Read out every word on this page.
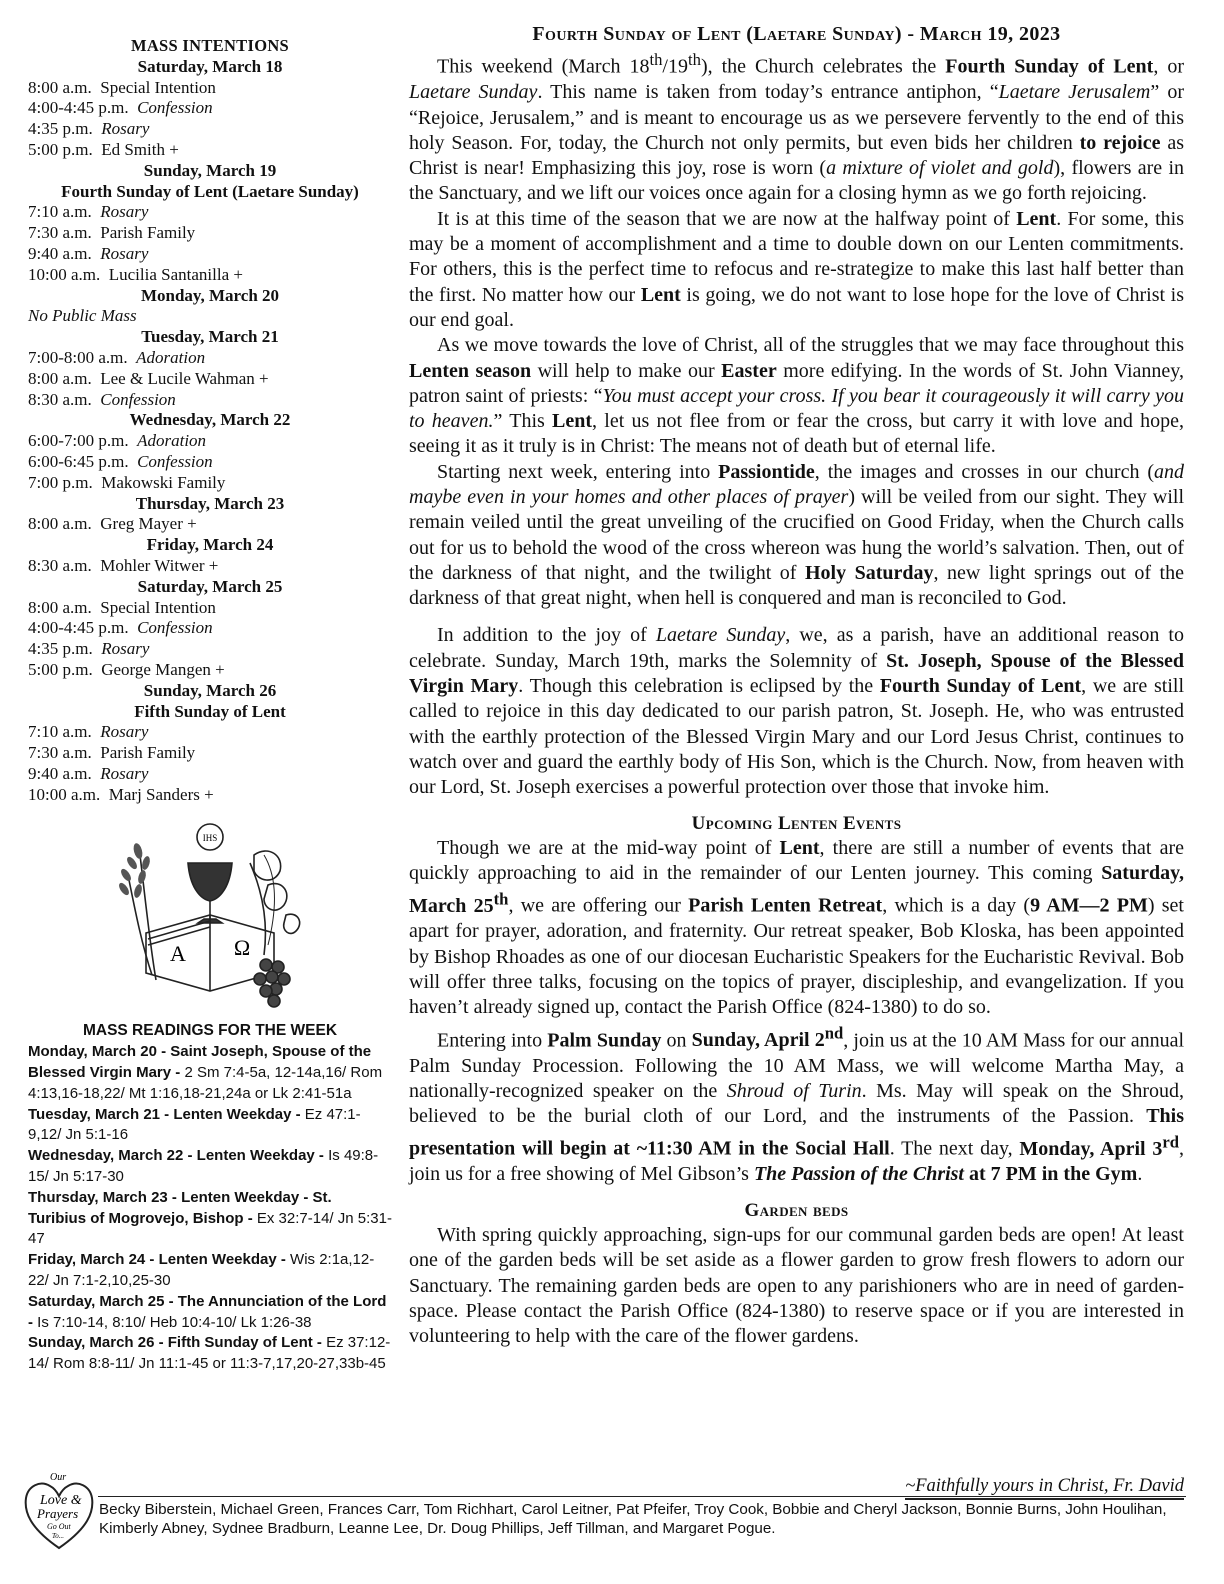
MASS INTENTIONS
Saturday, March 18
8:00 a.m. Special Intention
4:00-4:45 p.m. Confession
4:35 p.m. Rosary
5:00 p.m. Ed Smith +
Sunday, March 19
Fourth Sunday of Lent (Laetare Sunday)
7:10 a.m. Rosary
7:30 a.m. Parish Family
9:40 a.m. Rosary
10:00 a.m. Lucilia Santanilla +
Monday, March 20
No Public Mass
Tuesday, March 21
7:00-8:00 a.m. Adoration
8:00 a.m. Lee & Lucile Wahman +
8:30 a.m. Confession
Wednesday, March 22
6:00-7:00 p.m. Adoration
6:00-6:45 p.m. Confession
7:00 p.m. Makowski Family
Thursday, March 23
8:00 a.m. Greg Mayer +
Friday, March 24
8:30 a.m. Mohler Witwer +
Saturday, March 25
8:00 a.m. Special Intention
4:00-4:45 p.m. Confession
4:35 p.m. Rosary
5:00 p.m. George Mangen +
Sunday, March 26
Fifth Sunday of Lent
7:10 a.m. Rosary
7:30 a.m. Parish Family
9:40 a.m. Rosary
10:00 a.m. Marj Sanders +
IHS
A Ω
MASS READINGS FOR THE WEEK
Monday, March 20 - Saint Joseph, Spouse of the Blessed Virgin Mary - 2 Sm 7:4-5a, 12-14a,16/ Rom 4:13,16-18,22/ Mt 1:16,18-21,24a or Lk 2:41-51a
Tuesday, March 21 - Lenten Weekday - Ez 47:1-9,12/ Jn 5:1-16
Wednesday, March 22 - Lenten Weekday - Is 49:8-15/ Jn 5:17-30
Thursday, March 23 - Lenten Weekday - St. Turibius of Mogrovejo, Bishop - Ex 32:7-14/ Jn 5:31-47
Friday, March 24 - Lenten Weekday - Wis 2:1a,12-22/ Jn 7:1-2,10,25-30
Saturday, March 25 - The Annunciation of the Lord - Is 7:10-14, 8:10/ Heb 10:4-10/ Lk 1:26-38
Sunday, March 26 - Fifth Sunday of Lent - Ez 37:12-14/ Rom 8:8-11/ Jn 11:1-45 or 11:3-7,17,20-27,33b-45
Fourth Sunday of Lent (Laetare Sunday) - March 19, 2023

This weekend (March 18th/19th), the Church celebrates the Fourth Sunday of Lent, or Laetare Sunday. This name is taken from today’s entrance antiphon, “Laetare Jerusalem” or “Rejoice, Jerusalem,” and is meant to encourage us as we persevere fervently to the end of this holy Season. For, today, the Church not only permits, but even bids her children to rejoice as Christ is near! Emphasizing this joy, rose is worn (a mixture of violet and gold), flowers are in the Sanctuary, and we lift our voices once again for a closing hymn as we go forth rejoicing.

It is at this time of the season that we are now at the halfway point of Lent. For some, this may be a moment of accomplishment and a time to double down on our Lenten commitments. For others, this is the perfect time to refocus and re-strategize to make this last half better than the first. No matter how our Lent is going, we do not want to lose hope for the love of Christ is our end goal.

As we move towards the love of Christ, all of the struggles that we may face throughout this Lenten season will help to make our Easter more edifying. In the words of St. John Vianney, patron saint of priests: “You must accept your cross. If you bear it courageously it will carry you to heaven.” This Lent, let us not flee from or fear the cross, but carry it with love and hope, seeing it as it truly is in Christ: The means not of death but of eternal life.

Starting next week, entering into Passiontide, the images and crosses in our church (and maybe even in your homes and other places of prayer) will be veiled from our sight. They will remain veiled until the great unveiling of the crucified on Good Friday, when the Church calls out for us to behold the wood of the cross whereon was hung the world’s salvation. Then, out of the darkness of that night, and the twilight of Holy Saturday, new light springs out of the darkness of that great night, when hell is conquered and man is reconciled to God.

In addition to the joy of Laetare Sunday, we, as a parish, have an additional reason to celebrate. Sunday, March 19th, marks the Solemnity of St. Joseph, Spouse of the Blessed Virgin Mary. Though this celebration is eclipsed by the Fourth Sunday of Lent, we are still called to rejoice in this day dedicated to our parish patron, St. Joseph. He, who was entrusted with the earthly protection of the Blessed Virgin Mary and our Lord Jesus Christ, continues to watch over and guard the earthly body of His Son, which is the Church. Now, from heaven with our Lord, St. Joseph exercises a powerful protection over those that invoke him.

Upcoming Lenten Events

Though we are at the mid-way point of Lent, there are still a number of events that are quickly approaching to aid in the remainder of our Lenten journey. This coming Saturday, March 25th, we are offering our Parish Lenten Retreat, which is a day (9 AM—2 PM) set apart for prayer, adoration, and fraternity. Our retreat speaker, Bob Kloska, has been appointed by Bishop Rhoades as one of our diocesan Eucharistic Speakers for the Eucharistic Revival. Bob will offer three talks, focusing on the topics of prayer, discipleship, and evangelization. If you haven’t already signed up, contact the Parish Office (824-1380) to do so.

Entering into Palm Sunday on Sunday, April 2nd, join us at the 10 AM Mass for our annual Palm Sunday Procession. Following the 10 AM Mass, we will welcome Martha May, a nationally-recognized speaker on the Shroud of Turin. Ms. May will speak on the Shroud, believed to be the burial cloth of our Lord, and the instruments of the Passion. This presentation will begin at ~11:30 AM in the Social Hall. The next day, Monday, April 3rd, join us for a free showing of Mel Gibson’s The Passion of the Christ at 7 PM in the Gym.

Garden beds

With spring quickly approaching, sign-ups for our communal garden beds are open! At least one of the garden beds will be set aside as a flower garden to grow fresh flowers to adorn our Sanctuary. The remaining garden beds are open to any parishioners who are in need of garden-space. Please contact the Parish Office (824-1380) to reserve space or if you are interested in volunteering to help with the care of the flower gardens.

~Faithfully yours in Christ, Fr. David
Our
Love &
Prayers
Go Out
To...
Becky Biberstein, Michael Green, Frances Carr, Tom Richhart, Carol Leitner, Pat Pfeifer, Troy Cook, Bobbie and Cheryl Jackson, Bonnie Burns, John Houlihan, Kimberly Abney, Sydnee Bradburn, Leanne Lee, Dr. Doug Phillips, Jeff Tillman, and Margaret Pogue.
